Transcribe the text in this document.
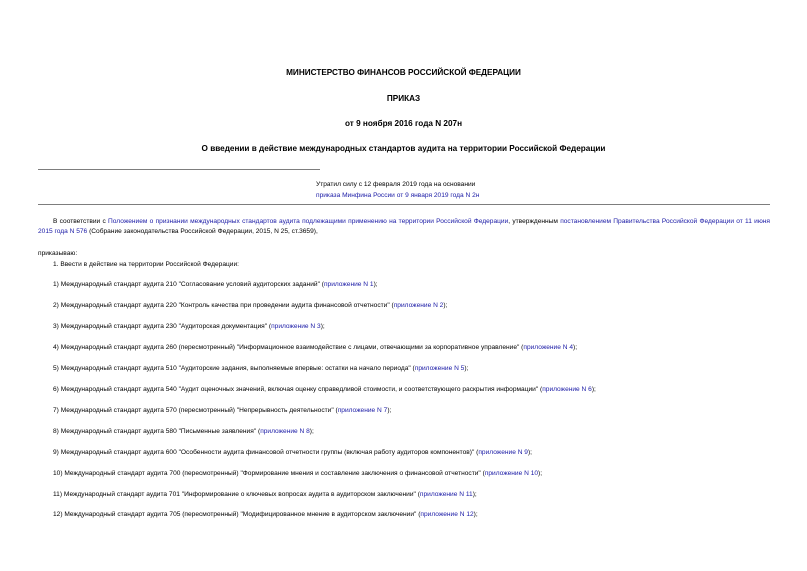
МИНИСТЕРСТВО ФИНАНСОВ РОССИЙСКОЙ ФЕДЕРАЦИИ
ПРИКАЗ
от 9 ноября 2016 года N 207н
О введении в действие международных стандартов аудита на территории Российской Федерации
Утратил силу с 12 февраля 2019 года на основании
приказа Минфина России от 9 января 2019 года N 2н
В соответствии с Положением о признании международных стандартов аудита подлежащими применению на территории Российской Федерации, утвержденным постановлением Правительства Российской Федерации от 11 июня 2015 года N 576 (Собрание законодательства Российской Федерации, 2015, N 25, ст.3659),
приказываю:
1. Ввести в действие на территории Российской Федерации:
1) Международный стандарт аудита 210 "Согласование условий аудиторских заданий" (приложение N 1);
2) Международный стандарт аудита 220 "Контроль качества при проведении аудита финансовой отчетности" (приложение N 2);
3) Международный стандарт аудита 230 "Аудиторская документация" (приложение N 3);
4) Международный стандарт аудита 260 (пересмотренный) "Информационное взаимодействие с лицами, отвечающими за корпоративное управление" (приложение N 4);
5) Международный стандарт аудита 510 "Аудиторские задания, выполняемые впервые: остатки на начало периода" (приложение N 5);
6) Международный стандарт аудита 540 "Аудит оценочных значений, включая оценку справедливой стоимости, и соответствующего раскрытия информации" (приложение N 6);
7) Международный стандарт аудита 570 (пересмотренный) "Непрерывность деятельности" (приложение N 7);
8) Международный стандарт аудита 580 "Письменные заявления" (приложение N 8);
9) Международный стандарт аудита 600 "Особенности аудита финансовой отчетности группы (включая работу аудиторов компонентов)" (приложение N 9);
10) Международный стандарт аудита 700 (пересмотренный) "Формирование мнения и составление заключения о финансовой отчетности" (приложение N 10);
11) Международный стандарт аудита 701 "Информирование о ключевых вопросах аудита в аудиторском заключении" (приложение N 11);
12) Международный стандарт аудита 705 (пересмотренный) "Модифицированное мнение в аудиторском заключении" (приложение N 12);
